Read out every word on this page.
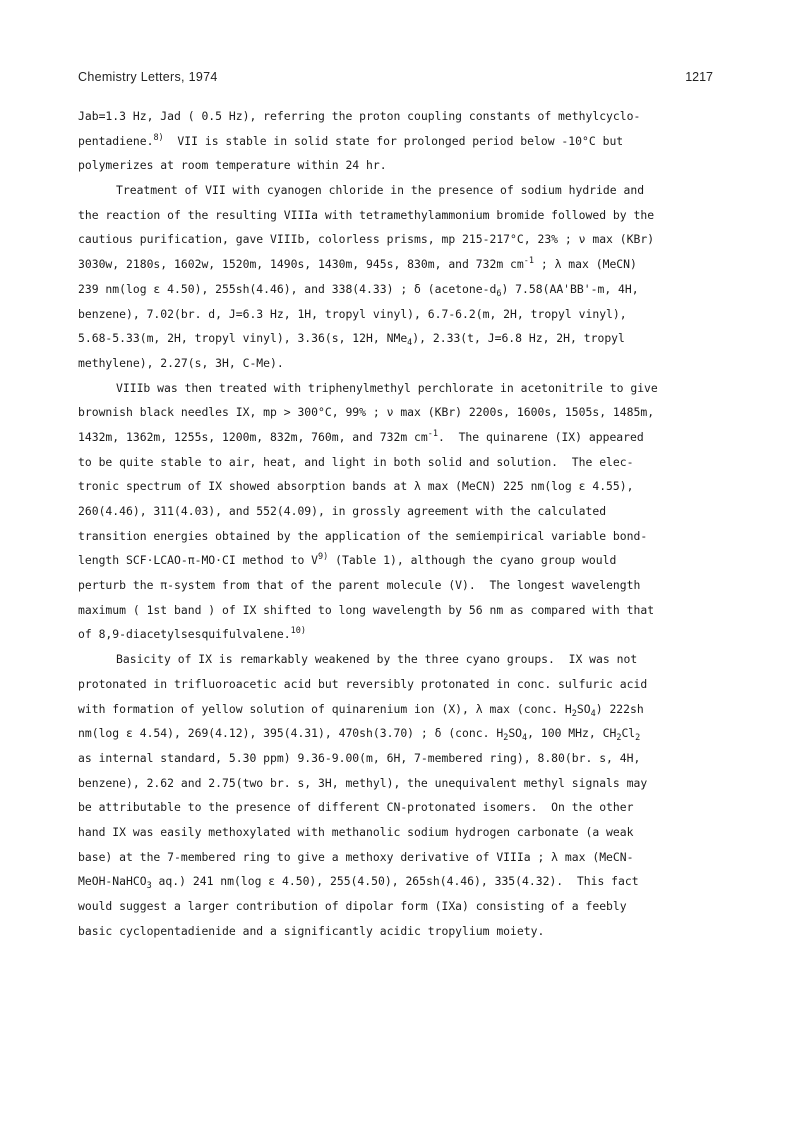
Chemistry Letters, 1974	1217
Jab=1.3 Hz, Jad ( 0.5 Hz), referring the proton coupling constants of methylcyclo-
pentadiene.$^{8)}$  VII is stable in solid state for prolonged period below -10°C but
polymerizes at room temperature within 24 hr.
Treatment of VII with cyanogen chloride in the presence of sodium hydride and
the reaction of the resulting VIIIa with tetramethylammonium bromide followed by the
cautious purification, gave VIIIb, colorless prisms, mp 215-217°C, 23% ; ν max (KBr)
3030w, 2180s, 1602w, 1520m, 1490s, 1430m, 945s, 830m, and 732m $cm^{-1}$ ; λ max (MeCN)
239 nm(log ε 4.50), 255sh(4.46), and 338(4.33) ; δ $(acetone-d_6)$ 7.58(AA'BB'-m, 4H,
benzene), 7.02(br. d, J=6.3 Hz, 1H, tropyl vinyl), 6.7-6.2(m, 2H, tropyl vinyl),
5.68-5.33(m, 2H, tropyl vinyl), 3.36(s, 12H, NMe$_4$), 2.33(t, J=6.8 Hz, 2H, tropyl
methylene), 2.27(s, 3H, C-Me).
VIIIb was then treated with triphenylmethyl perchlorate in acetonitrile to give
brownish black needles IX, mp > 300°C, 99% ; ν max (KBr) 2200s, 1600s, 1505s, 1485m,
1432m, 1362m, 1255s, 1200m, 832m, 760m, and 732m $cm^{-1}$.  The quinarene (IX) appeared
to be quite stable to air, heat, and light in both solid and solution.  The elec-
tronic spectrum of IX showed absorption bands at λ max (MeCN) 225 nm(log ε 4.55),
260(4.46), 311(4.03), and 552(4.09), in grossly agreement with the calculated
transition energies obtained by the application of the semiempirical variable bond-
length SCF·LCAO-π-MO·CI method to $V^{9)}$ (Table 1), although the cyano group would
perturb the π-system from that of the parent molecule (V).  The longest wavelength
maximum ( 1st band ) of IX shifted to long wavelength by 56 nm as compared with that
of 8,9-diacetylsesquifulvalene.$^{10)}$
Basicity of IX is remarkably weakened by the three cyano groups.  IX was not
protonated in trifluoroacetic acid but reversibly protonated in conc. sulfuric acid
with formation of yellow solution of quinarenium ion (X), λ max (conc. $H_2SO_4$) 222sh
nm(log ε 4.54), 269(4.12), 395(4.31), 470sh(3.70) ; δ (conc. $H_2SO_4$, 100 MHz, $CH_2Cl_2$
as internal standard, 5.30 ppm) 9.36-9.00(m, 6H, 7-membered ring), 8.80(br. s, 4H,
benzene), 2.62 and 2.75(two br. s, 3H, methyl), the unequivalent methyl signals may
be attributable to the presence of different CN-protonated isomers.  On the other
hand IX was easily methoxylated with methanolic sodium hydrogen carbonate (a weak
base) at the 7-membered ring to give a methoxy derivative of VIIIa ; λ max (MeCN-
MeOH-NaHCO$_3$ aq.) 241 nm(log ε 4.50), 255(4.50), 265sh(4.46), 335(4.32).  This fact
would suggest a larger contribution of dipolar form (IXa) consisting of a feebly
basic cyclopentadienide and a significantly acidic tropylium moiety.
